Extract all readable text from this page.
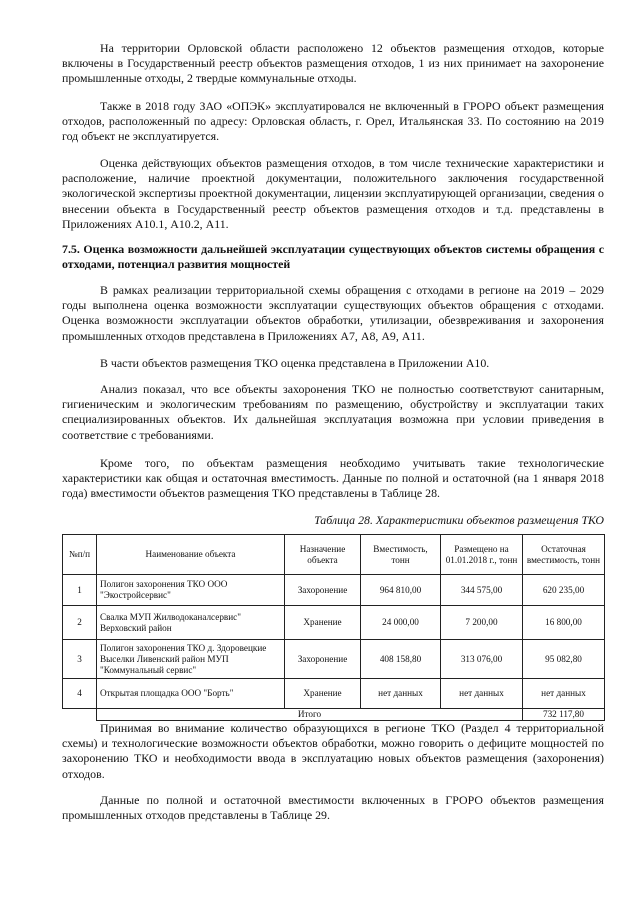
На территории Орловской области расположено 12 объектов размещения отходов, которые включены в Государственный реестр объектов размещения отходов, 1 из них принимает на захоронение промышленные отходы, 2 твердые коммунальные отходы.

Также в 2018 году ЗАО «ОПЭК» эксплуатировался не включенный в ГРОРО объект размещения отходов, расположенный по адресу: Орловская область, г. Орел, Итальянская 33. По состоянию на 2019 год объект не эксплуатируется.

Оценка действующих объектов размещения отходов, в том числе технические характеристики и расположение, наличие проектной документации, положительного заключения государственной экологической экспертизы проектной документации, лицензии эксплуатирующей организации, сведения о внесении объекта в Государственный реестр объектов размещения отходов и т.д. представлены в Приложениях А10.1, А10.2, А11.

7.5. Оценка возможности дальнейшей эксплуатации существующих объектов системы обращения с отходами, потенциал развития мощностей

В рамках реализации территориальной схемы обращения с отходами в регионе на 2019 – 2029 годы выполнена оценка возможности эксплуатации существующих объектов обращения с отходами. Оценка возможности эксплуатации объектов обработки, утилизации, обезвреживания и захоронения промышленных отходов представлена в Приложениях А7, А8, А9, А11.

В части объектов размещения ТКО оценка представлена в Приложении А10.

Анализ показал, что все объекты захоронения ТКО не полностью соответствуют санитарным, гигиеническим и экологическим требованиям по размещению, обустройству и эксплуатации таких специализированных объектов. Их дальнейшая эксплуатация возможна при условии приведения в соответствие с требованиями.

Кроме того, по объектам размещения необходимо учитывать такие технологические характеристики как общая и остаточная вместимость. Данные по полной и остаточной (на 1 января 2018 года) вместимости объектов размещения ТКО представлены в Таблице 28.

Таблица 28. Характеристики объектов размещения ТКО
№п/п	Наименование объекта	Назначение объекта	Вместимость, тонн	Размещено на 01.01.2018 г., тонн	Остаточная вместимость, тонн
1	Полигон захоронения ТКО ООО "Экостройсервис"	Захоронение	964 810,00	344 575,00	620 235,00
2	Свалка МУП Жилводоканалсервис" Верховский район	Хранение	24 000,00	7 200,00	16 800,00
3	Полигон захоронения ТКО д. Здоровецкие Выселки Ливенский район МУП "Коммунальный сервис"	Захоронение	408 158,80	313 076,00	95 082,80
4	Открытая площадка ООО "Борть"	Хранение	нет данных	нет данных	нет данных
	Итого				732 117,80

Принимая во внимание количество образующихся в регионе ТКО (Раздел 4 территориальной схемы) и технологические возможности объектов обработки, можно говорить о дефиците мощностей по захоронению ТКО и необходимости ввода в эксплуатацию новых объектов размещения (захоронения) отходов.

Данные по полной и остаточной вместимости включенных в ГРОРО объектов размещения промышленных отходов представлены в Таблице 29.
